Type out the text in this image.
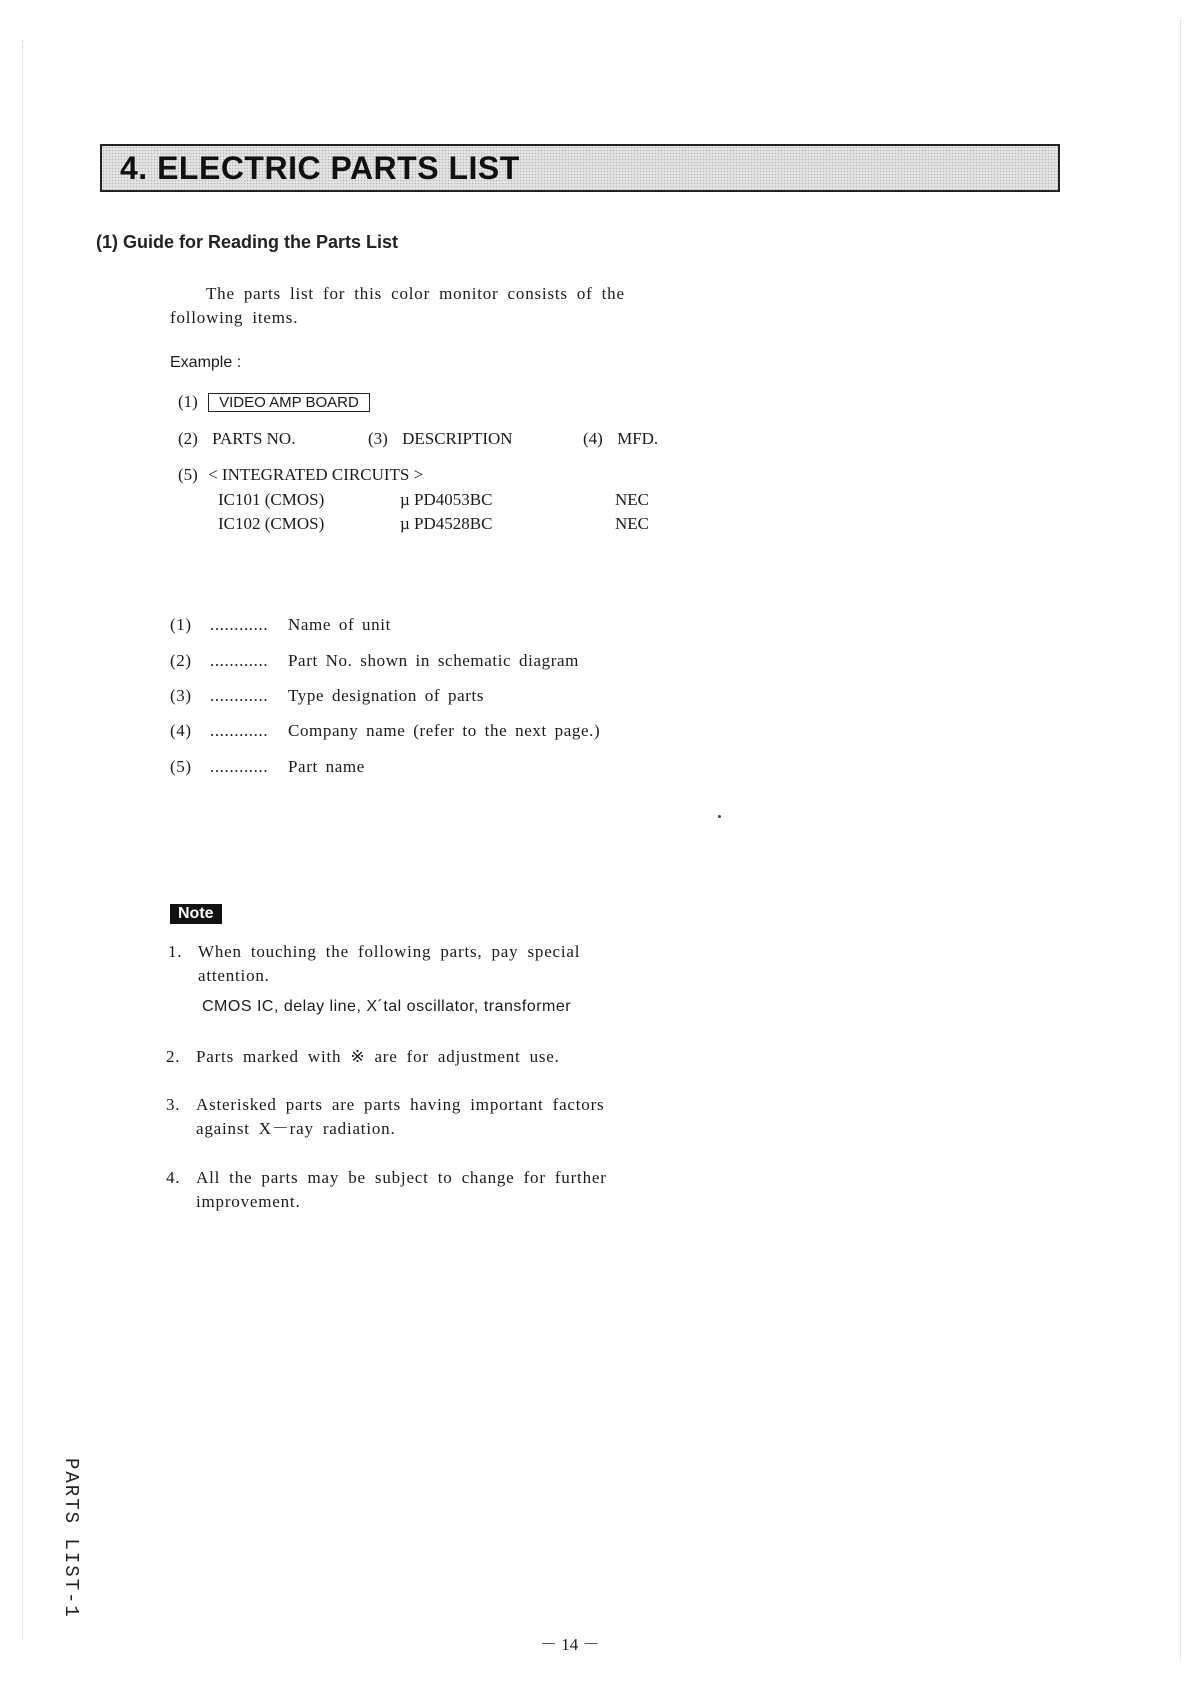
4. ELECTRIC PARTS LIST
(1) Guide for Reading the Parts List
The parts list for this color monitor consists of the following items.
Example :
(1) VIDEO AMP BOARD
(2) PARTS NO.	(3) DESCRIPTION	(4) MFD.
(5) < INTEGRATED CIRCUITS >
IC101 (CMOS)	µ PD4053BC	NEC
IC102 (CMOS)	µ PD4528BC	NEC
(1) ............ Name of unit
(2) ............ Part No. shown in schematic diagram
(3) ............ Type designation of parts
(4) ............ Company name (refer to the next page.)
(5) ............ Part name
Note
1. When touching the following parts, pay special attention.
CMOS IC, delay line, X´tal oscillator, transformer
2. Parts marked with ※ are for adjustment use.
3. Asterisked parts are parts having important factors against X－ray radiation.
4. All the parts may be subject to change for further improvement.
PARTS LIST-1
－ 14 －
